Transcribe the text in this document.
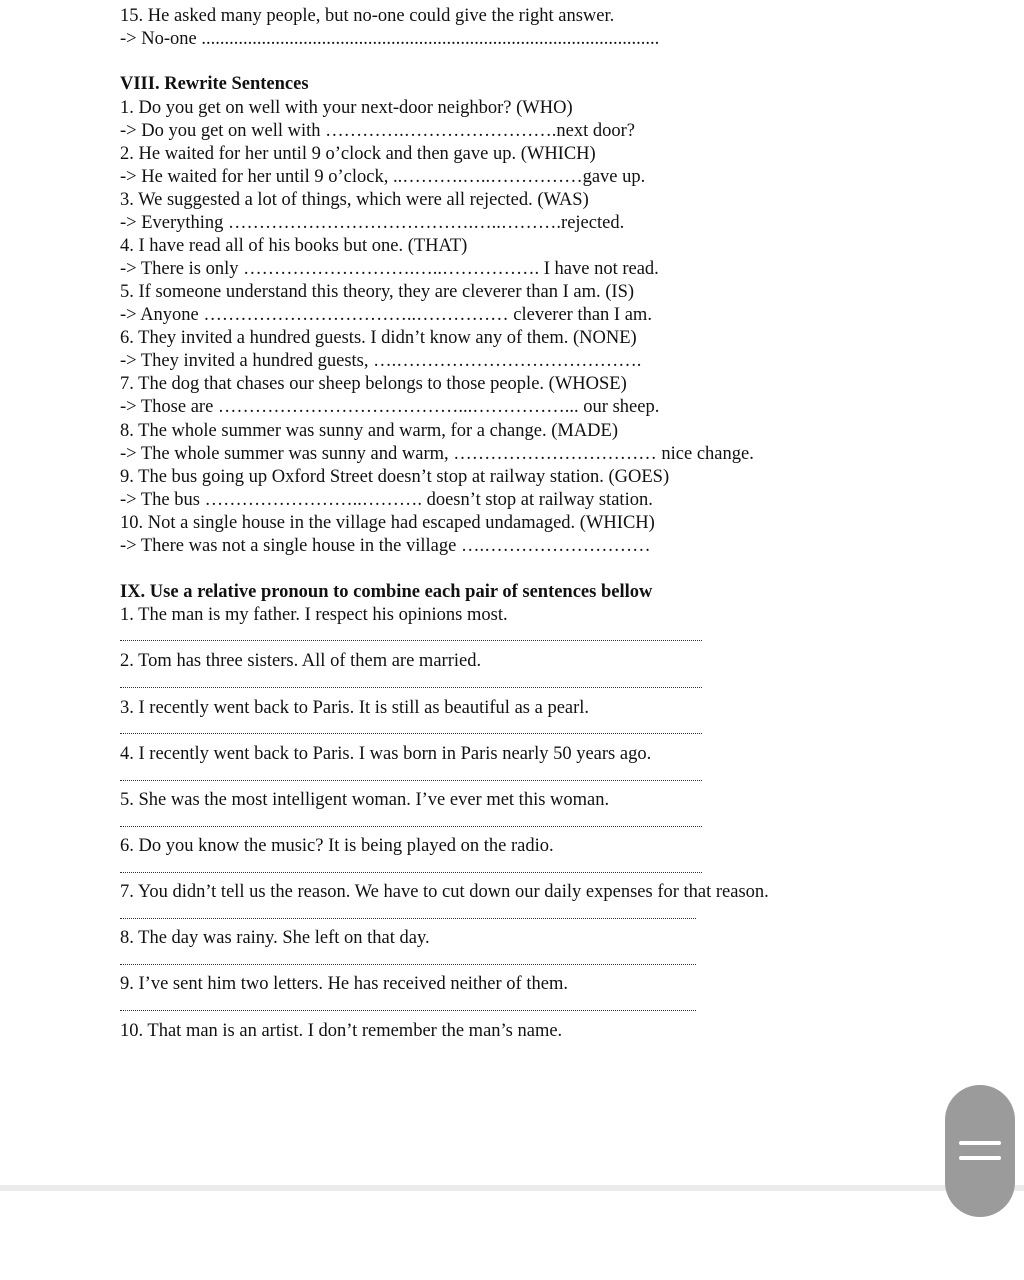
15. He asked many people, but no-one could give the right answer.

-> No-one ...................................................................................................

VIII. Rewrite Sentences

1. Do you get on well with your next-door neighbor? (WHO)

-> Do you get on well with ………….…………………….next door?

2. He waited for her until 9 o’clock and then gave up. (WHICH)

-> He waited for her until 9 o’clock, ..……….…..……………gave up.

3. We suggested a lot of things, which were all rejected. (WAS)

-> Everything ………………………………….…..……….rejected.

4. I have read all of his books but one. (THAT)

-> There is only ……………………….…..……………. I have not read.

5. If someone understand this theory, they are cleverer than I am. (IS)

-> Anyone ……………………………..…………… cleverer than I am.

6. They invited a hundred guests. I didn’t know any of them. (NONE)

-> They invited a hundred guests, ….………………………………….

7. The dog that chases our sheep belongs to those people. (WHOSE)

-> Those are …………………………………...……………... our sheep.

8. The whole summer was sunny and warm, for a change. (MADE)

-> The whole summer was sunny and warm, …………………………… nice change.

9. The bus going up Oxford Street doesn’t stop at railway station. (GOES)

-> The bus ……………………..………. doesn’t stop at railway station.

10. Not a single house in the village had escaped undamaged. (WHICH)

-> There was not a single house in the village ….………………………

IX. Use a relative pronoun to combine each pair of sentences bellow

1. The man is my father. I respect his opinions most.

2. Tom has three sisters. All of them are married.

3. I recently went back to Paris. It is still as beautiful as a pearl.

4. I recently went back to Paris. I was born in Paris nearly 50 years ago.

5. She was the most intelligent woman. I’ve ever met this woman.

6. Do you know the music? It is being played on the radio.

7. You didn’t tell us the reason. We have to cut down our daily expenses for that reason.

8. The day was rainy. She left on that day.

9. I’ve sent him two letters. He has received neither of them.

10. That man is an artist. I don’t remember the man’s name.
